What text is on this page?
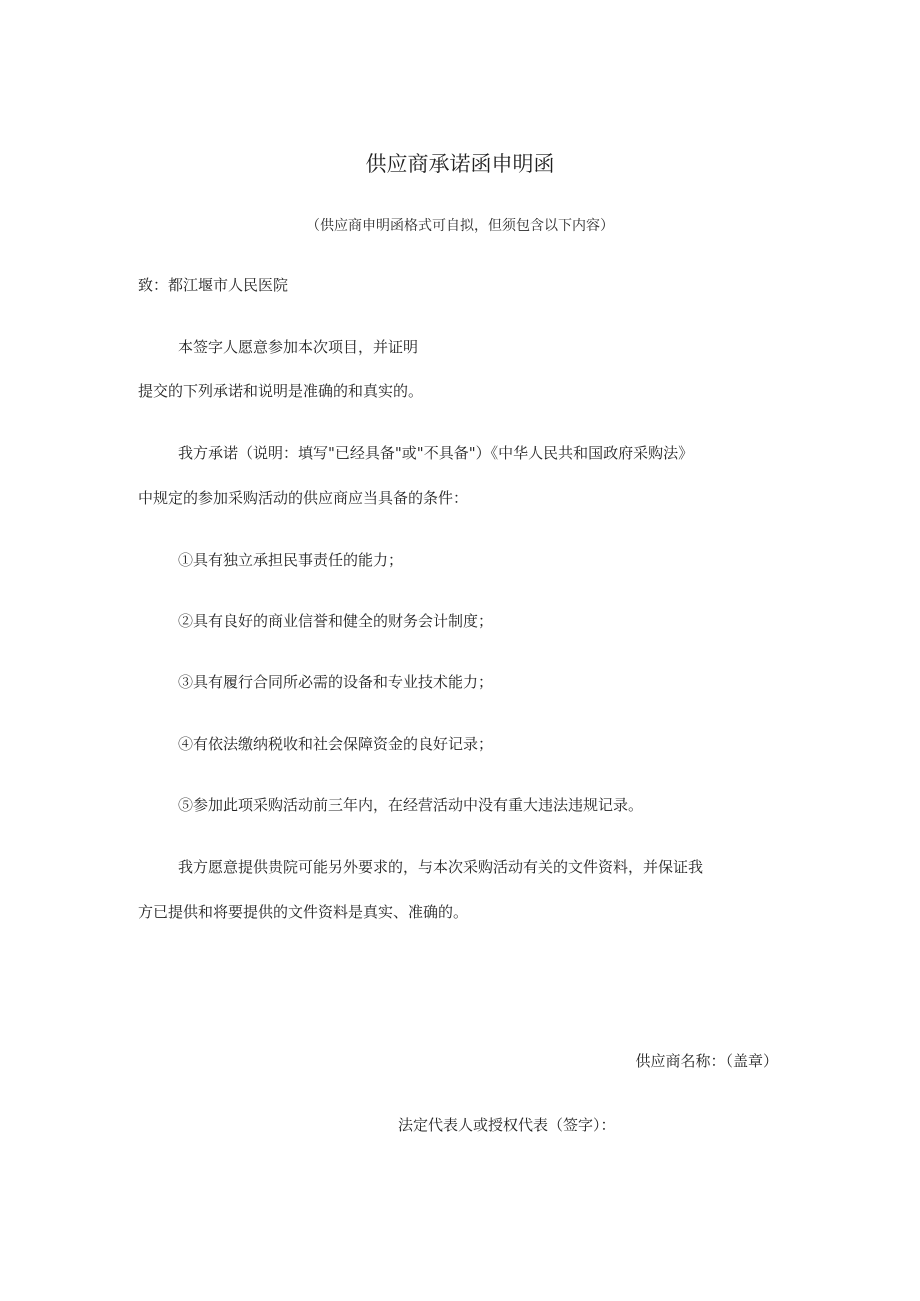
供应商承诺函申明函
（供应商申明函格式可自拟，但须包含以下内容）
致：都江堰市人民医院
本签字人愿意参加本次项目，并证明
提交的下列承诺和说明是准确的和真实的。
我方承诺（说明：填写"已经具备"或"不具备"）《中华人民共和国政府采购法》
中规定的参加采购活动的供应商应当具备的条件：
①具有独立承担民事责任的能力；
②具有良好的商业信誉和健全的财务会计制度；
③具有履行合同所必需的设备和专业技术能力；
④有依法缴纳税收和社会保障资金的良好记录；
⑤参加此项采购活动前三年内，在经营活动中没有重大违法违规记录。
我方愿意提供贵院可能另外要求的，与本次采购活动有关的文件资料，并保证我
方已提供和将要提供的文件资料是真实、准确的。
供应商名称：（盖章）
法定代表人或授权代表（签字）：
